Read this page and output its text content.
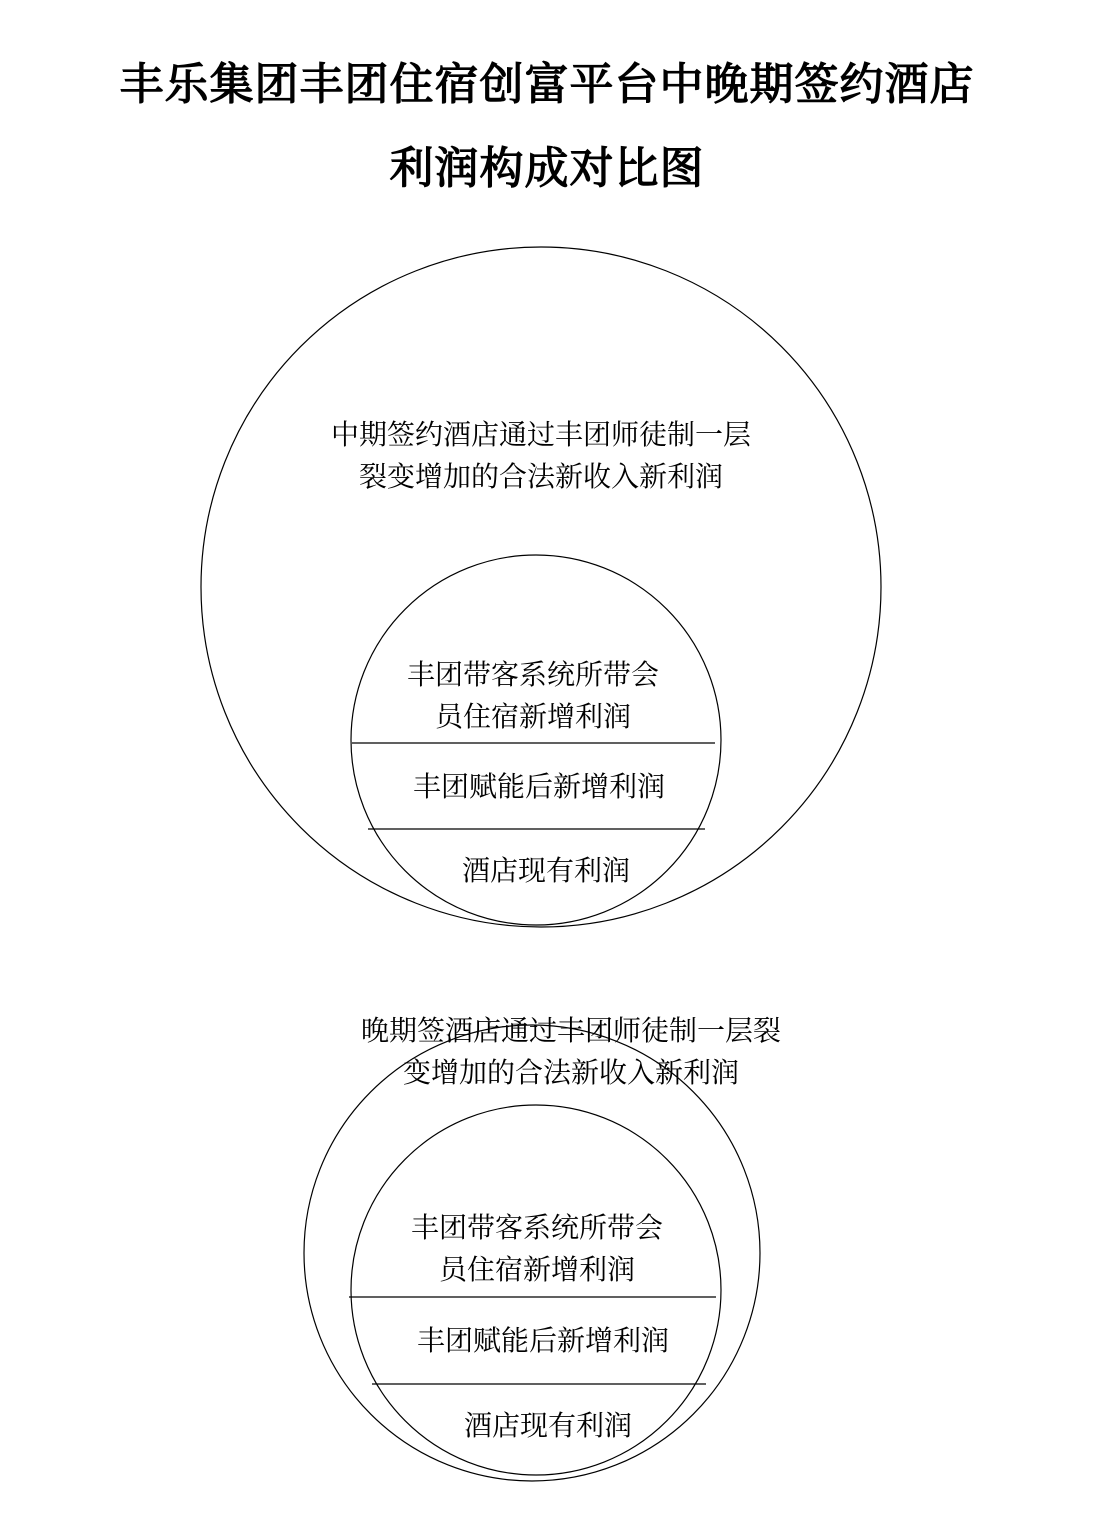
丰乐集团丰团住宿创富平台中晚期签约酒店
利润构成对比图
中期签约酒店通过丰团师徒制一层
裂变增加的合法新收入新利润
丰团带客系统所带会
员住宿新增利润
丰团赋能后新增利润
酒店现有利润
晚期签酒店通过丰团师徒制一层裂
变增加的合法新收入新利润
丰团带客系统所带会
员住宿新增利润
丰团赋能后新增利润
酒店现有利润
